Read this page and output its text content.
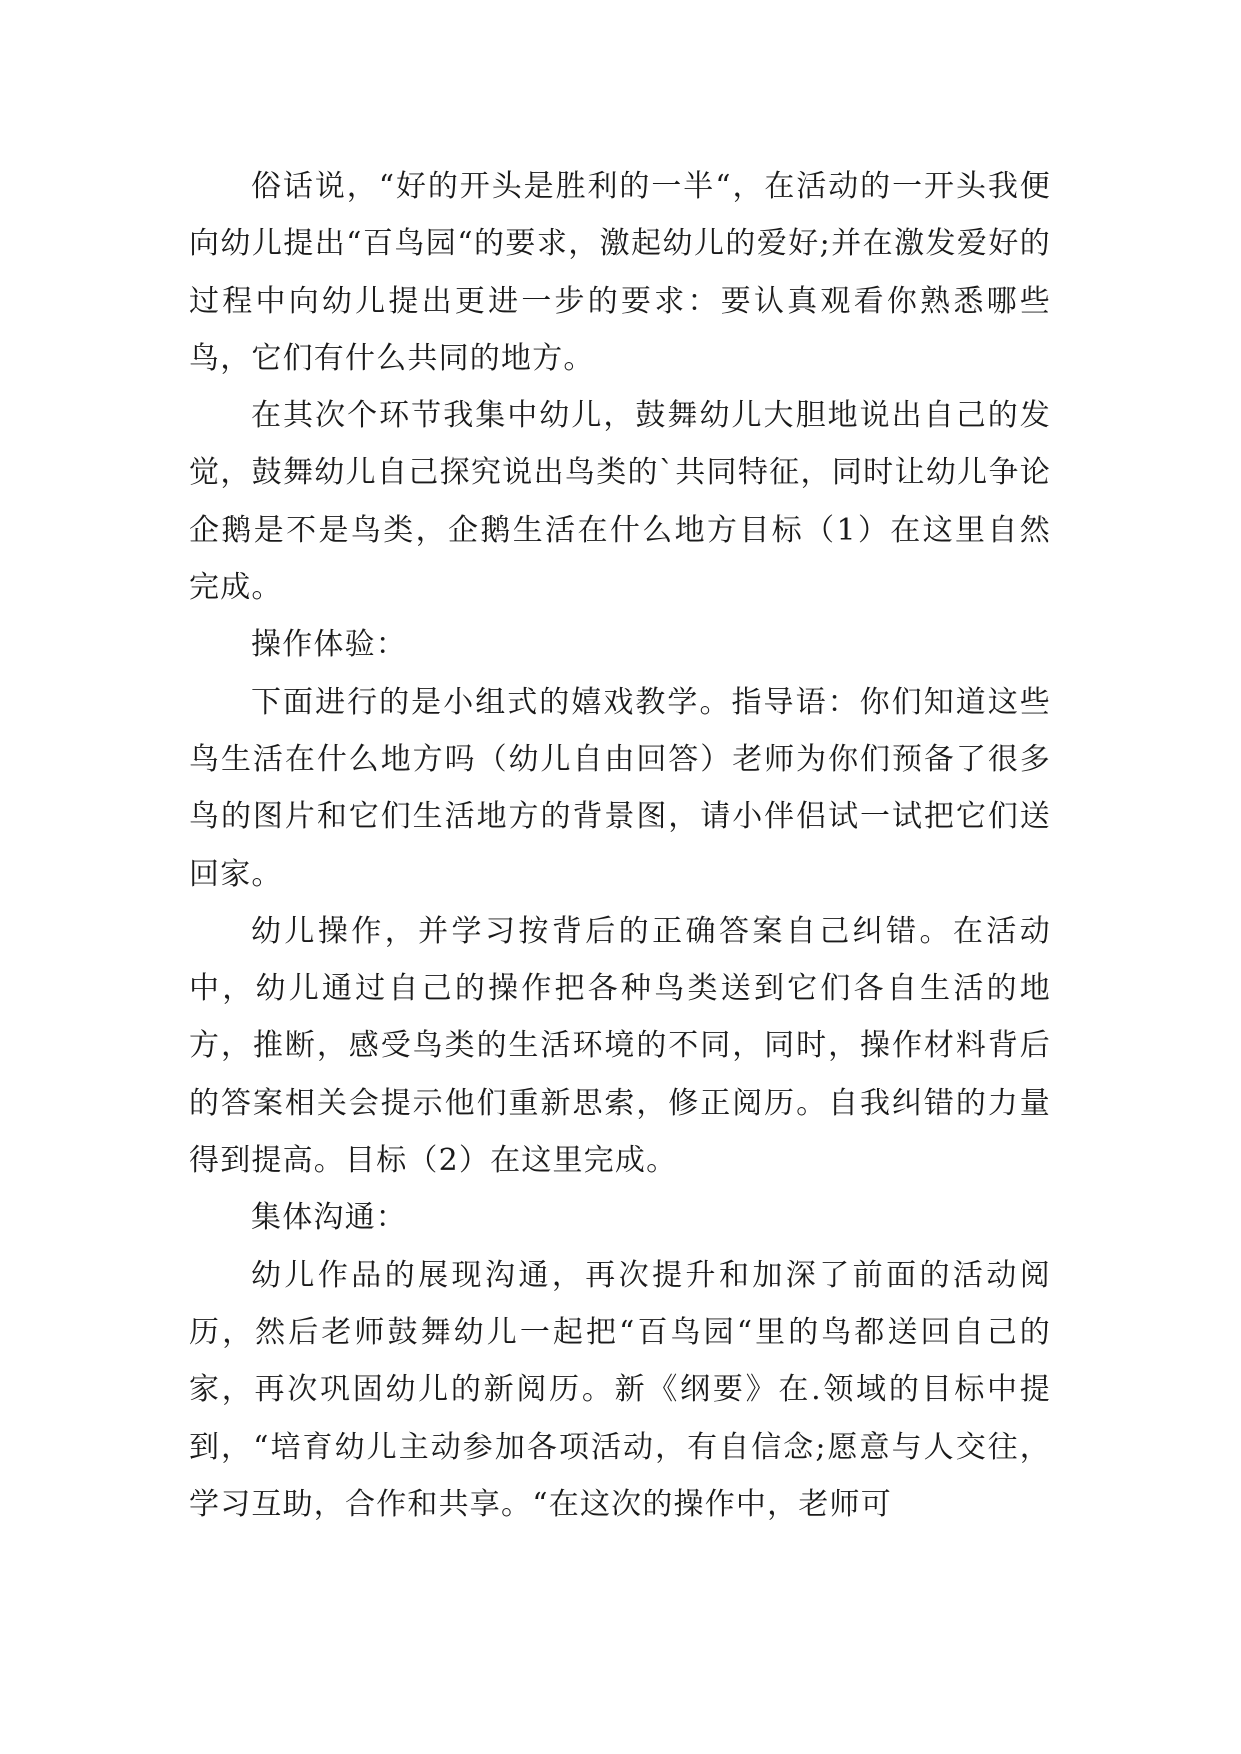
俗话说，“好的开头是胜利的一半“，在活动的一开头我便向幼儿提出“百鸟园“的要求，激起幼儿的爱好;并在激发爱好的过程中向幼儿提出更进一步的要求：要认真观看你熟悉哪些鸟，它们有什么共同的地方。

在其次个环节我集中幼儿，鼓舞幼儿大胆地说出自己的发觉，鼓舞幼儿自己探究说出鸟类的`共同特征，同时让幼儿争论企鹅是不是鸟类，企鹅生活在什么地方目标（1）在这里自然完成。

操作体验：

下面进行的是小组式的嬉戏教学。指导语：你们知道这些鸟生活在什么地方吗（幼儿自由回答）老师为你们预备了很多鸟的图片和它们生活地方的背景图，请小伴侣试一试把它们送回家。

幼儿操作，并学习按背后的正确答案自己纠错。在活动中，幼儿通过自己的操作把各种鸟类送到它们各自生活的地方，推断，感受鸟类的生活环境的不同，同时，操作材料背后的答案相关会提示他们重新思索，修正阅历。自我纠错的力量得到提高。目标（2）在这里完成。

集体沟通：

幼儿作品的展现沟通，再次提升和加深了前面的活动阅历，然后老师鼓舞幼儿一起把“百鸟园“里的鸟都送回自己的家，再次巩固幼儿的新阅历。新《纲要》在.领域的目标中提到，“培育幼儿主动参加各项活动，有自信念;愿意与人交往，学习互助，合作和共享。“在这次的操作中，老师可
